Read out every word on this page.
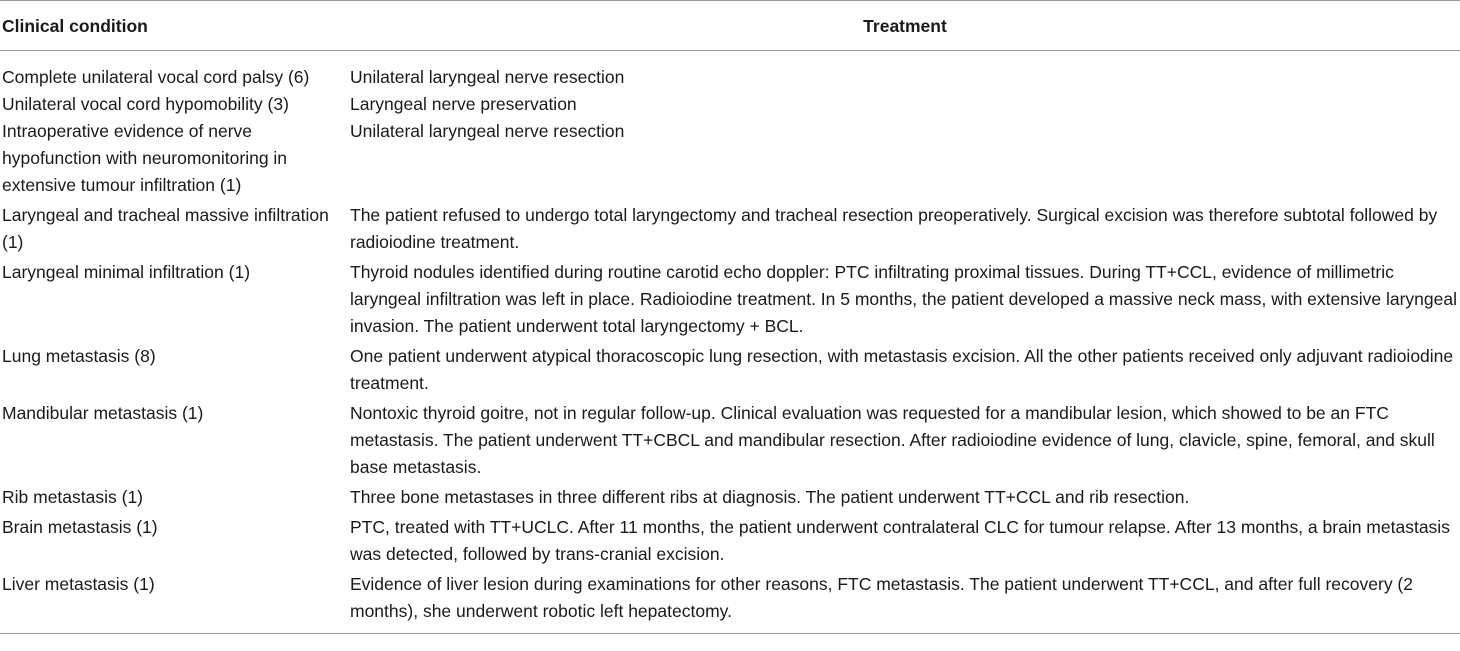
Clinical condition	Treatment
Complete unilateral vocal cord palsy (6)	Unilateral laryngeal nerve resection
Unilateral vocal cord hypomobility (3)	Laryngeal nerve preservation
Intraoperative evidence of nerve hypofunction with neuromonitoring in extensive tumour infiltration (1)	Unilateral laryngeal nerve resection
Laryngeal and tracheal massive infiltration (1)	The patient refused to undergo total laryngectomy and tracheal resection preoperatively. Surgical excision was therefore subtotal followed by radioiodine treatment.
Laryngeal minimal infiltration (1)	Thyroid nodules identified during routine carotid echo doppler: PTC infiltrating proximal tissues. During TT+CCL, evidence of millimetric laryngeal infiltration was left in place. Radioiodine treatment. In 5 months, the patient developed a massive neck mass, with extensive laryngeal invasion. The patient underwent total laryngectomy + BCL.
Lung metastasis (8)	One patient underwent atypical thoracoscopic lung resection, with metastasis excision. All the other patients received only adjuvant radioiodine treatment.
Mandibular metastasis (1)	Nontoxic thyroid goitre, not in regular follow-up. Clinical evaluation was requested for a mandibular lesion, which showed to be an FTC metastasis. The patient underwent TT+CBCL and mandibular resection. After radioiodine evidence of lung, clavicle, spine, femoral, and skull base metastasis.
Rib metastasis (1)	Three bone metastases in three different ribs at diagnosis. The patient underwent TT+CCL and rib resection.
Brain metastasis (1)	PTC, treated with TT+UCLC. After 11 months, the patient underwent contralateral CLC for tumour relapse. After 13 months, a brain metastasis was detected, followed by trans-cranial excision.
Liver metastasis (1)	Evidence of liver lesion during examinations for other reasons, FTC metastasis. The patient underwent TT+CCL, and after full recovery (2 months), she underwent robotic left hepatectomy.
